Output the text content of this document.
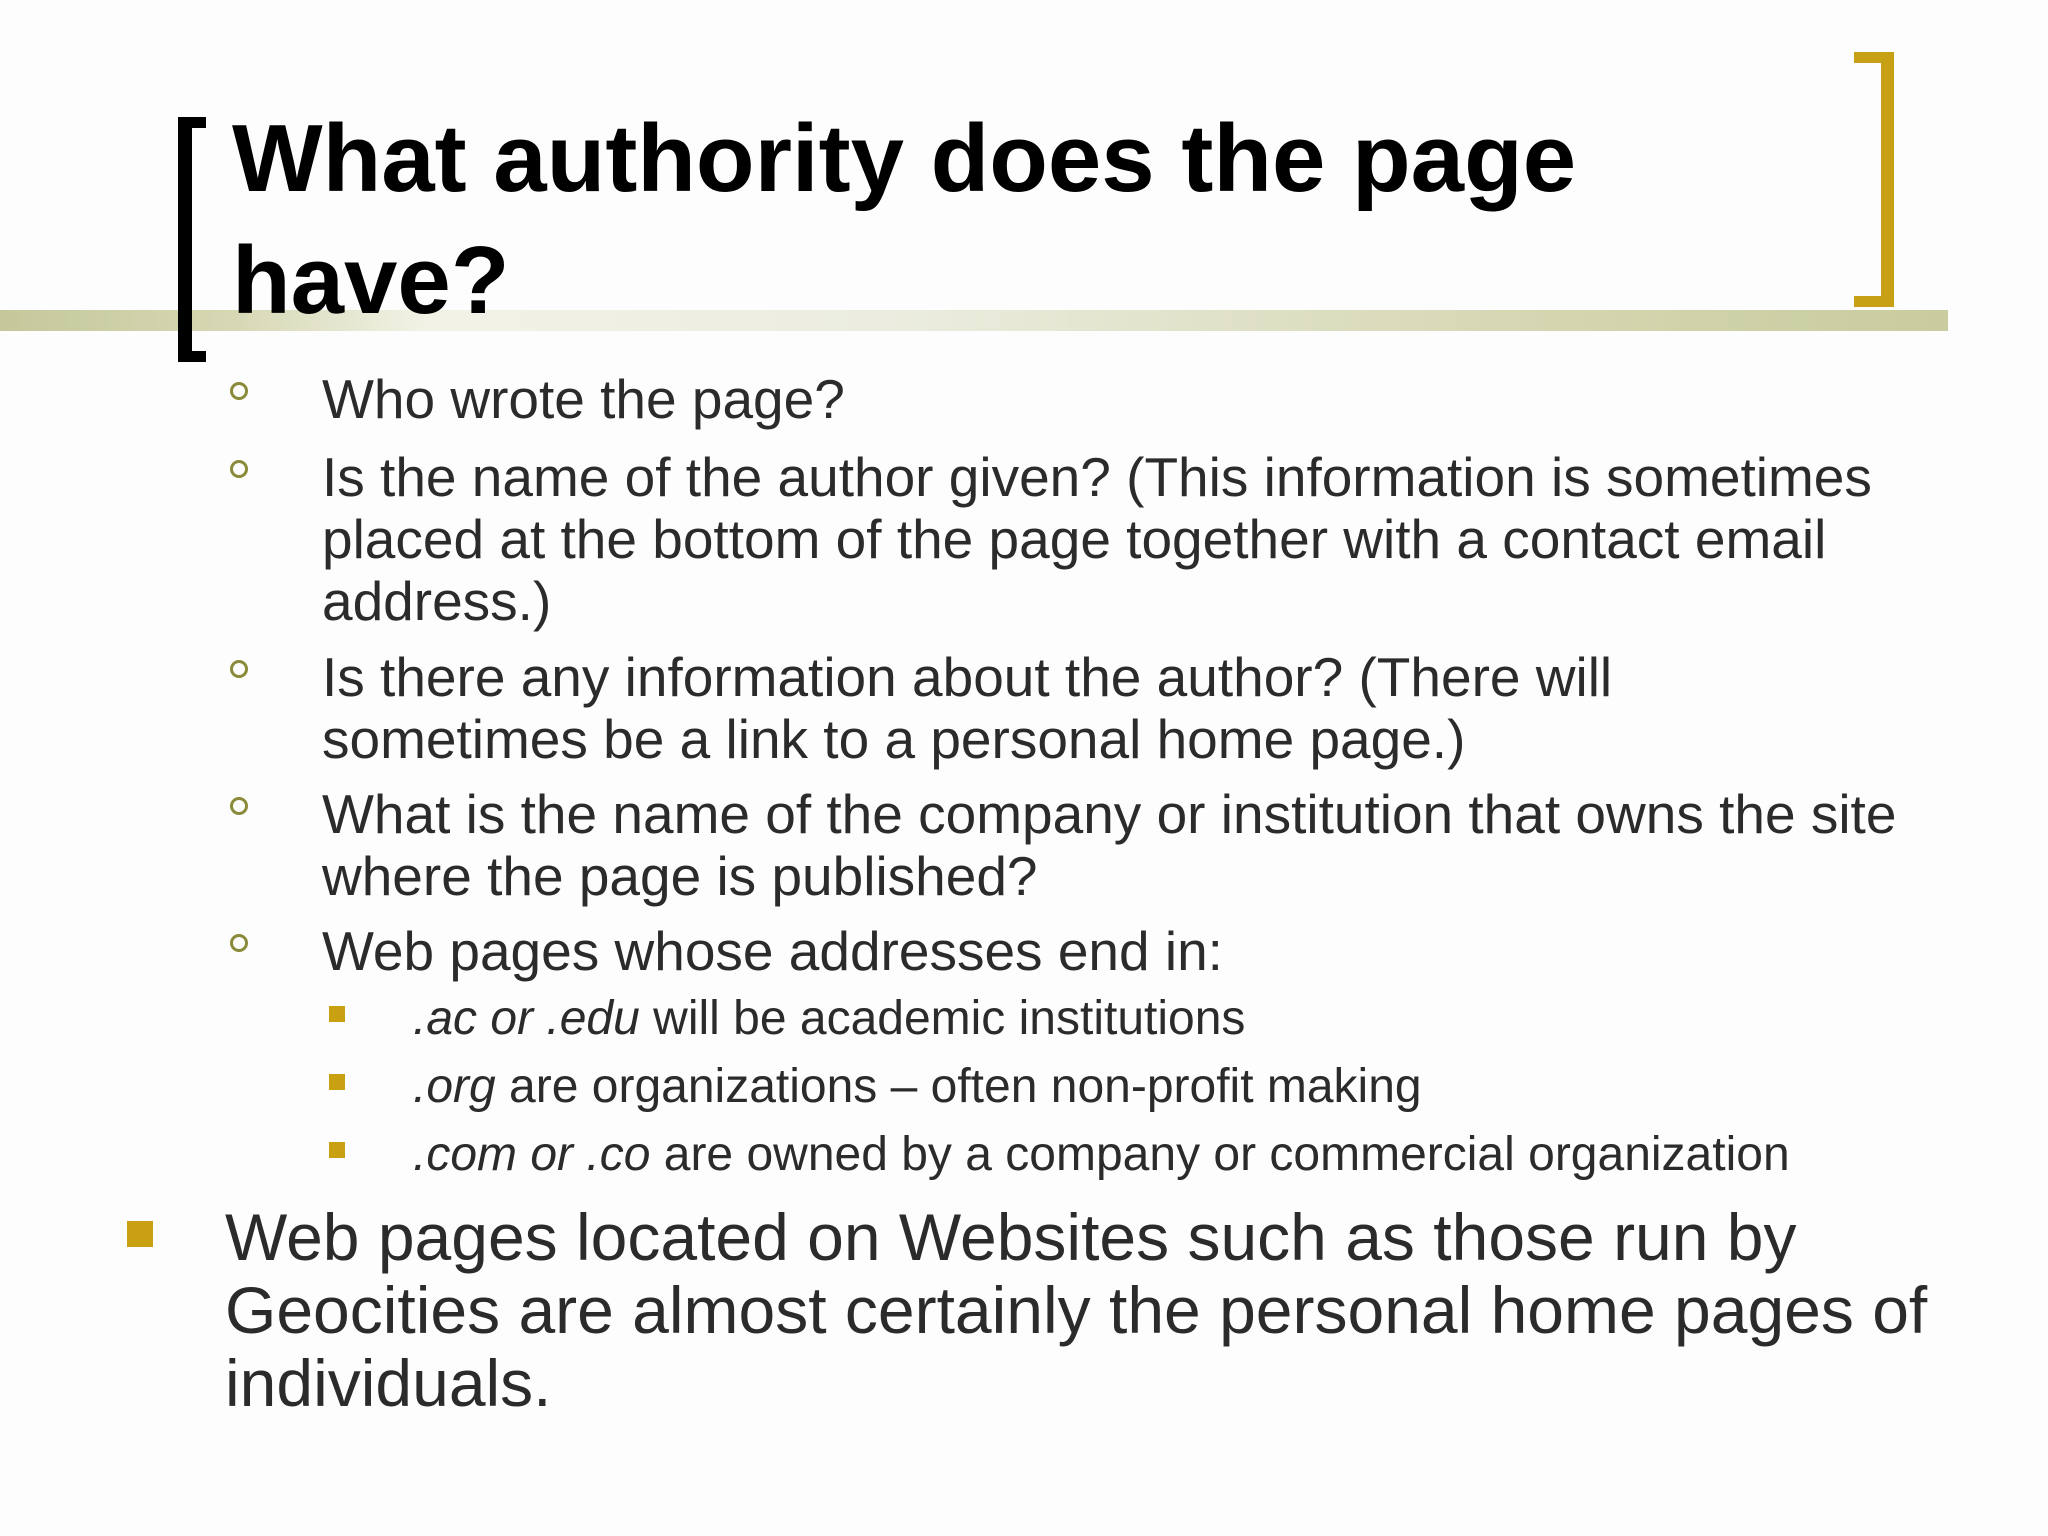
What authority does the page have?
Who wrote the page?
Is the name of the author given? (This information is sometimes placed at the bottom of the page together with a contact email address.)
Is there any information about the author? (There will sometimes be a link to a personal home page.)
What is the name of the company or institution that owns the site where the page is published?
Web pages whose addresses end in:
.ac or .edu will be academic institutions
.org are organizations – often non-profit making
.com or .co are owned by a company or commercial organization
Web pages located on Websites such as those run by Geocities are almost certainly the personal home pages of individuals.
